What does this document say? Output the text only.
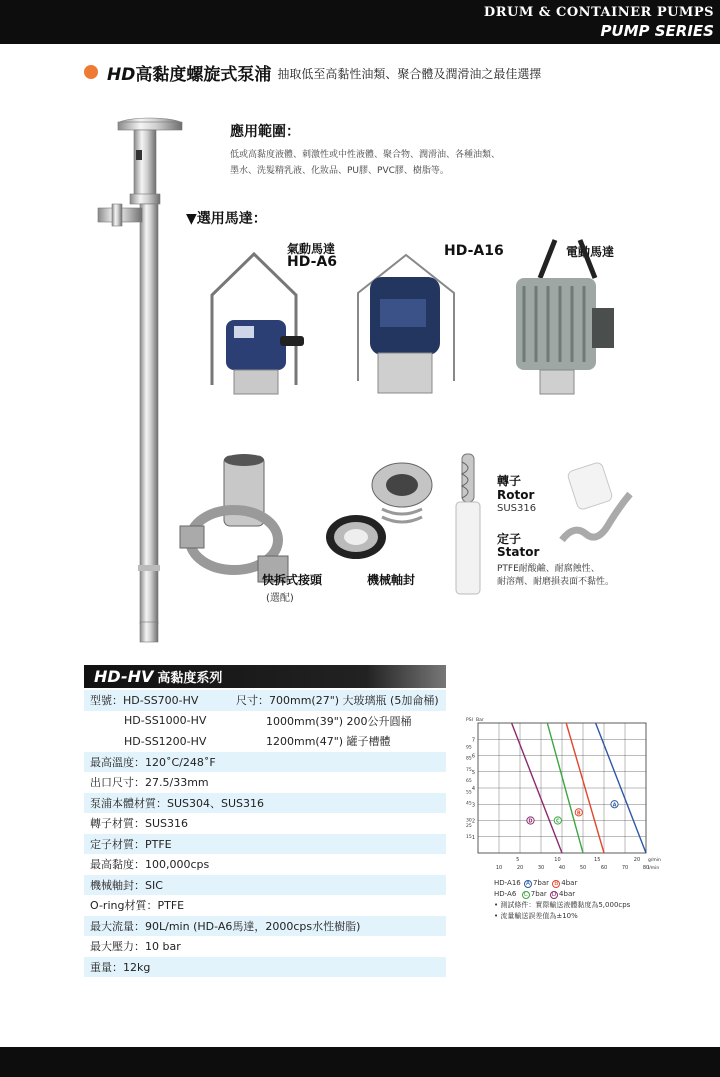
DRUM & CONTAINER PUMPS
PUMP SERIES
HD高黏度螺旋式泵浦 抽取低至高黏性油類、聚合體及潤滑油之最佳選擇
應用範圍：

低或高黏度液體、刺激性或中性液體、聚合物、潤滑油、各種油類、
墨水、洗髮精乳液、化妝品、PU膠、PVC膠、樹脂等。

▼選用馬達：
氣動馬達
HD-A6
HD-A16	電動馬達
快拆式接頭
(選配)
機械軸封
轉子
Rotor
SUS316
定子
Stator
PTFE耐酸鹼、耐腐蝕性、
耐溶劑、耐磨損表面不黏性。
HD-HV 高黏度系列
型號：HD-SS700-HV	尺寸：700mm(27") 大玻璃瓶 (5加侖桶)
HD-SS1000-HV	1000mm(39") 200公升圓桶
HD-SS1200-HV	1200mm(47") 罐子槽體
最高溫度：120˚C/248˚F
出口尺寸：27.5/33mm
泵浦本體材質：SUS304、SUS316
轉子材質：SUS316
定子材質：PTFE
最高黏度：100,000cps
機械軸封：SIC
O-ring材質：PTFE
最大流量：90L/min (HD-A6馬達，2000cps水性樹脂)
最大壓力：10 bar
重量：12kg
PSI Bar
7
6
5
4
3
2
1
95
85
75
65
55
45
30
25
15
10	20	30	40	50	60	70	80
l/min
5	10	15	20 g/min
A
B
C
D
HD-A16
A 7bar
B 4bar
HD-A6
	C 7bar
D 4bar
• 測試條件：實際輸送液體黏度為5,000cps
• 流量輸送誤差值為±10%
